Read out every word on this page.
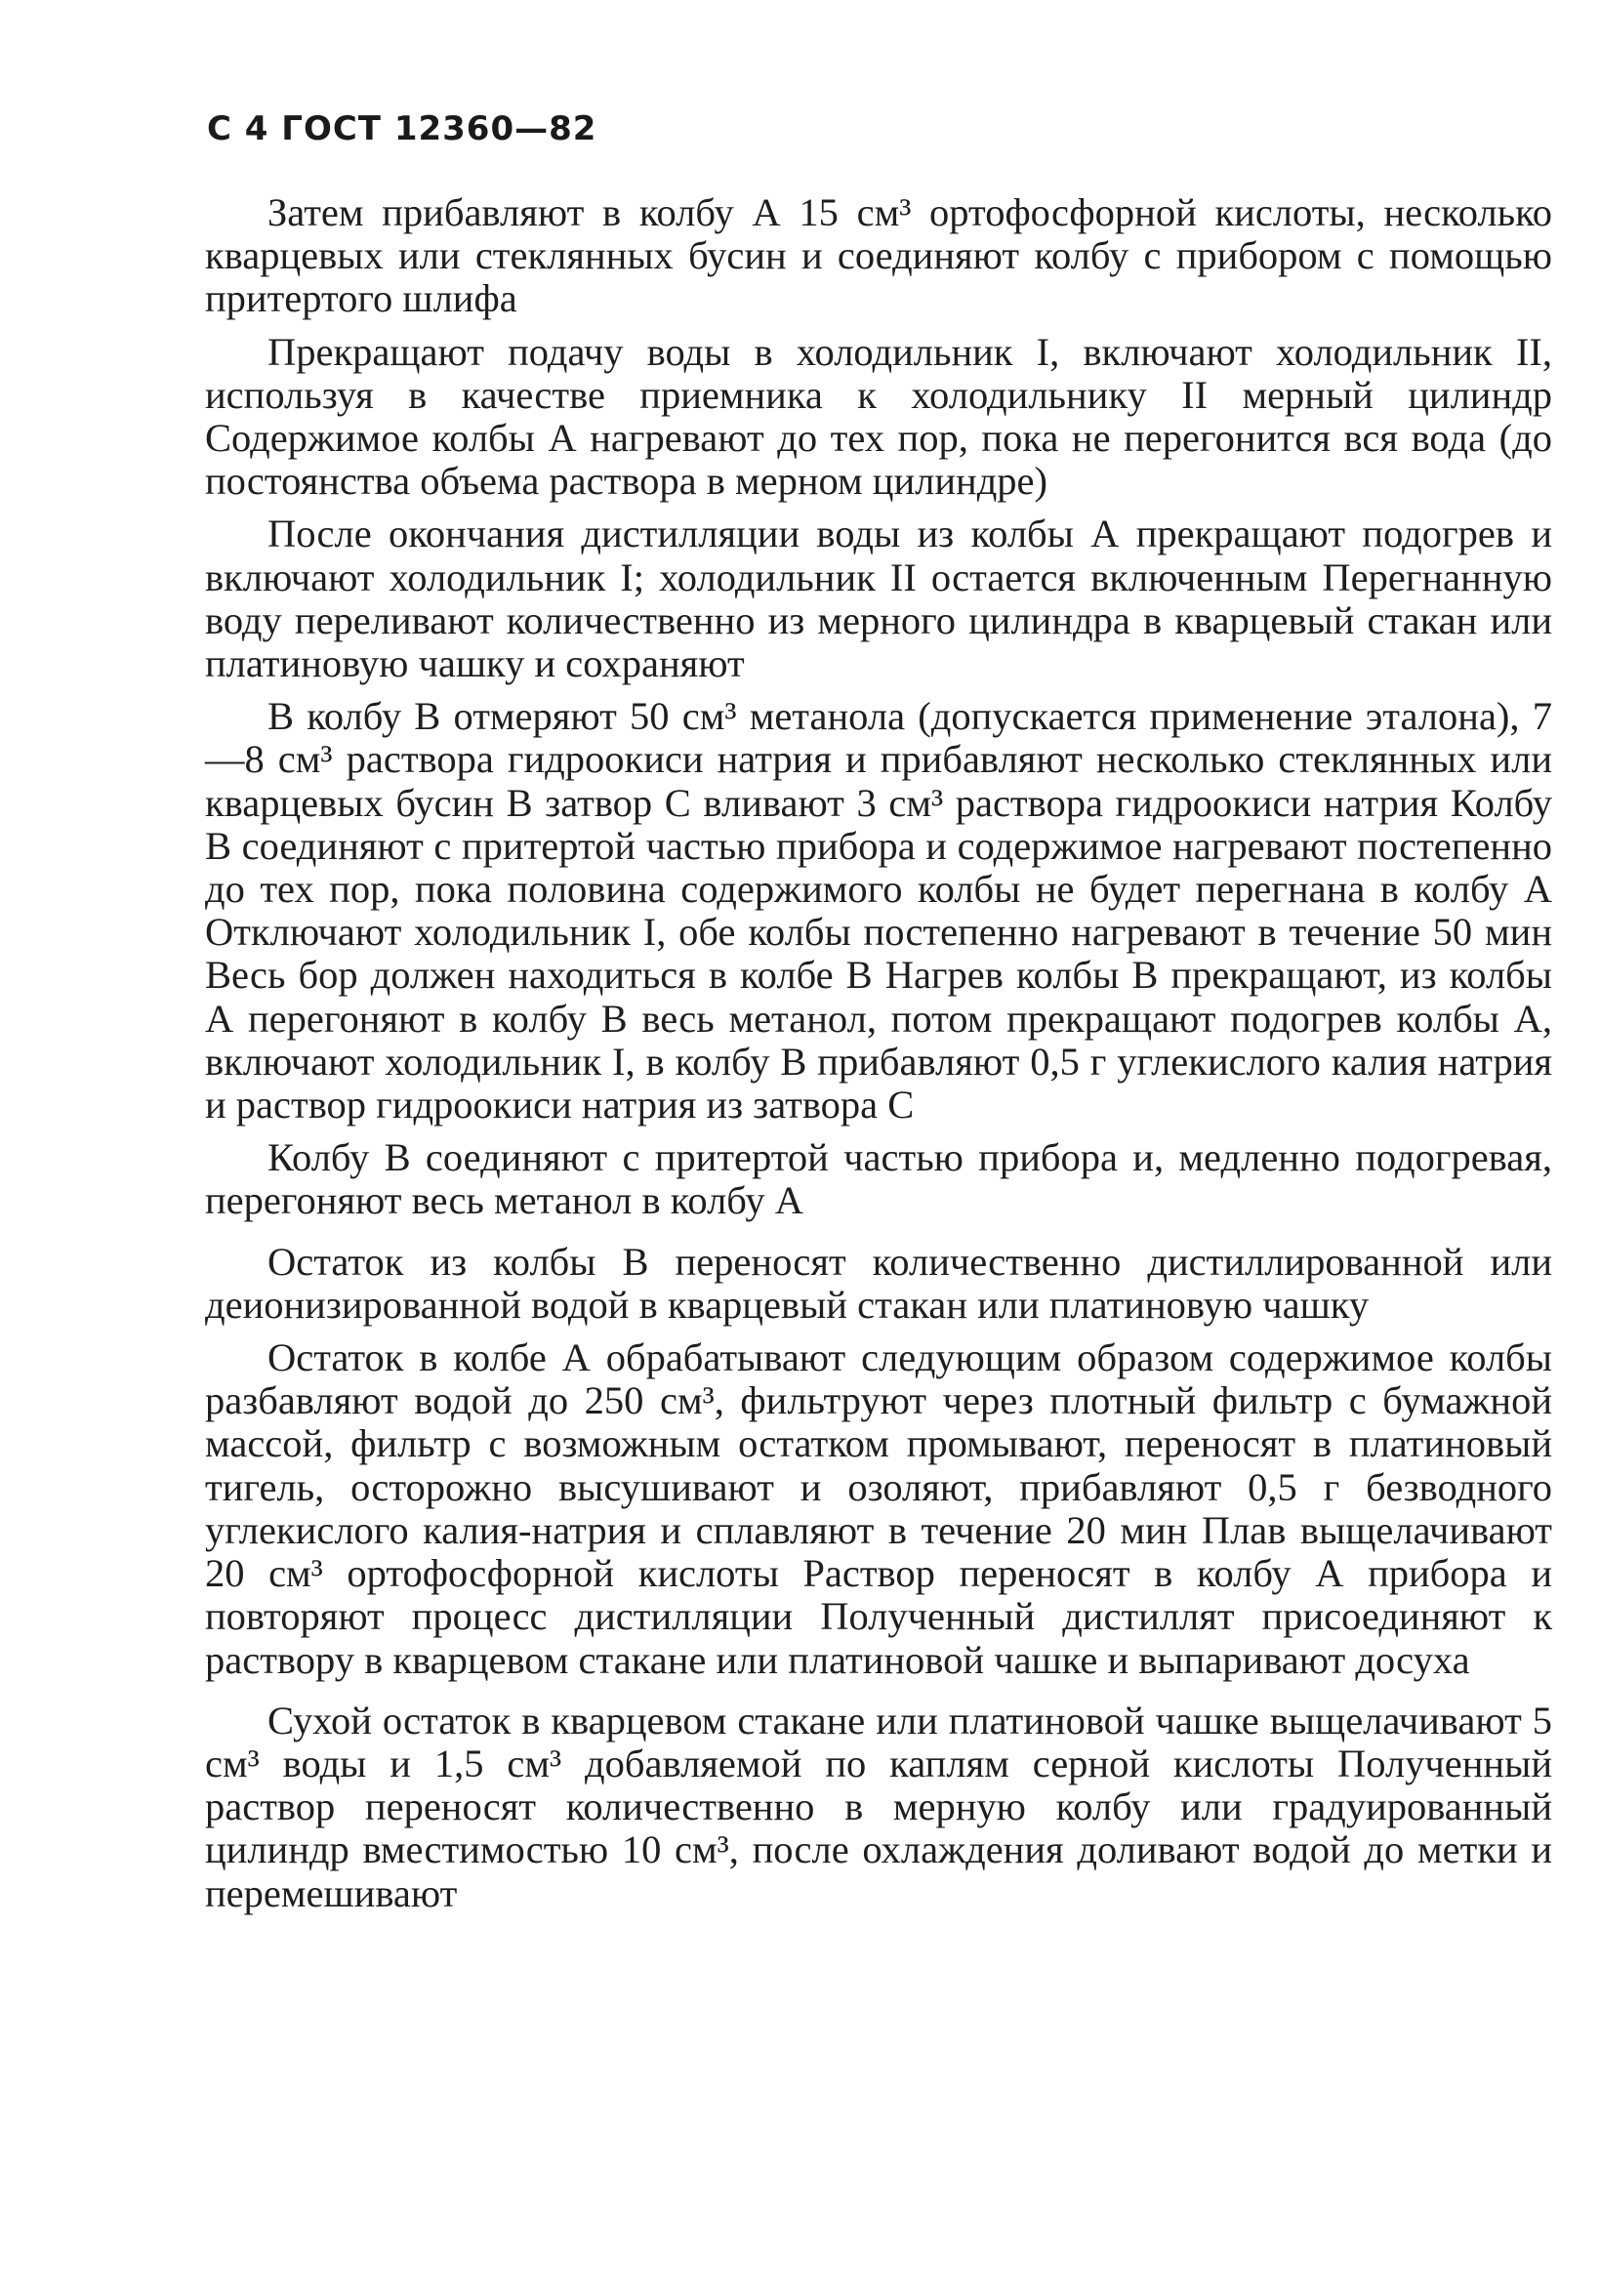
С 4 ГОСТ 12360—82

Затем прибавляют в колбу А 15 см³ ортофосфорной кислоты, несколько кварцевых или стеклянных бусин и соединяют колбу с прибором с помощью притертого шлифа

Прекращают подачу воды в холодильник I, включают холодильник II, используя в качестве приемника к холодильнику II мерный цилиндр Содержимое колбы А нагревают до тех пор, пока не перегонится вся вода (до постоянства объема раствора в мерном цилиндре)

После окончания дистилляции воды из колбы А прекращают подогрев и включают холодильник I; холодильник II остается включенным Перегнанную воду переливают количественно из мерного цилиндра в кварцевый стакан или платиновую чашку и сохраняют

В колбу В отмеряют 50 см³ метанола (допускается применение эталона), 7—8 см³ раствора гидроокиси натрия и прибавляют несколько стеклянных или кварцевых бусин В затвор С вливают 3 см³ раствора гидроокиси натрия Колбу В соединяют с притертой частью прибора и содержимое нагревают постепенно до тех пор, пока половина содержимого колбы не будет перегнана в колбу А Отключают холодильник I, обе колбы постепенно нагревают в течение 50 мин Весь бор должен находиться в колбе В Нагрев колбы В прекращают, из колбы А перегоняют в колбу В весь метанол, потом прекращают подогрев колбы А, включают холодильник I, в колбу В прибавляют 0,5 г углекислого калия натрия и раствор гидроокиси натрия из затвора С

Колбу В соединяют с притертой частью прибора и, медленно подогревая, перегоняют весь метанол в колбу А

Остаток из колбы В переносят количественно дистиллированной или деионизированной водой в кварцевый стакан или платиновую чашку

Остаток в колбе А обрабатывают следующим образом содержимое колбы разбавляют водой до 250 см³, фильтруют через плотный фильтр с бумажной массой, фильтр с возможным остатком промывают, переносят в платиновый тигель, осторожно высушивают и озоляют, прибавляют 0,5 г безводного углекислого калия-натрия и сплавляют в течение 20 мин Плав выщелачивают 20 см³ ортофосфорной кислоты Раствор переносят в колбу А прибора и повторяют процесс дистилляции Полученный дистиллят присоединяют к раствору в кварцевом стакане или платиновой чашке и выпаривают досуха

Сухой остаток в кварцевом стакане или платиновой чашке выщелачивают 5 см³ воды и 1,5 см³ добавляемой по каплям серной кислоты Полученный раствор переносят количественно в мерную колбу или градуированный цилиндр вместимостью 10 см³, после охлаждения доливают водой до метки и перемешивают
